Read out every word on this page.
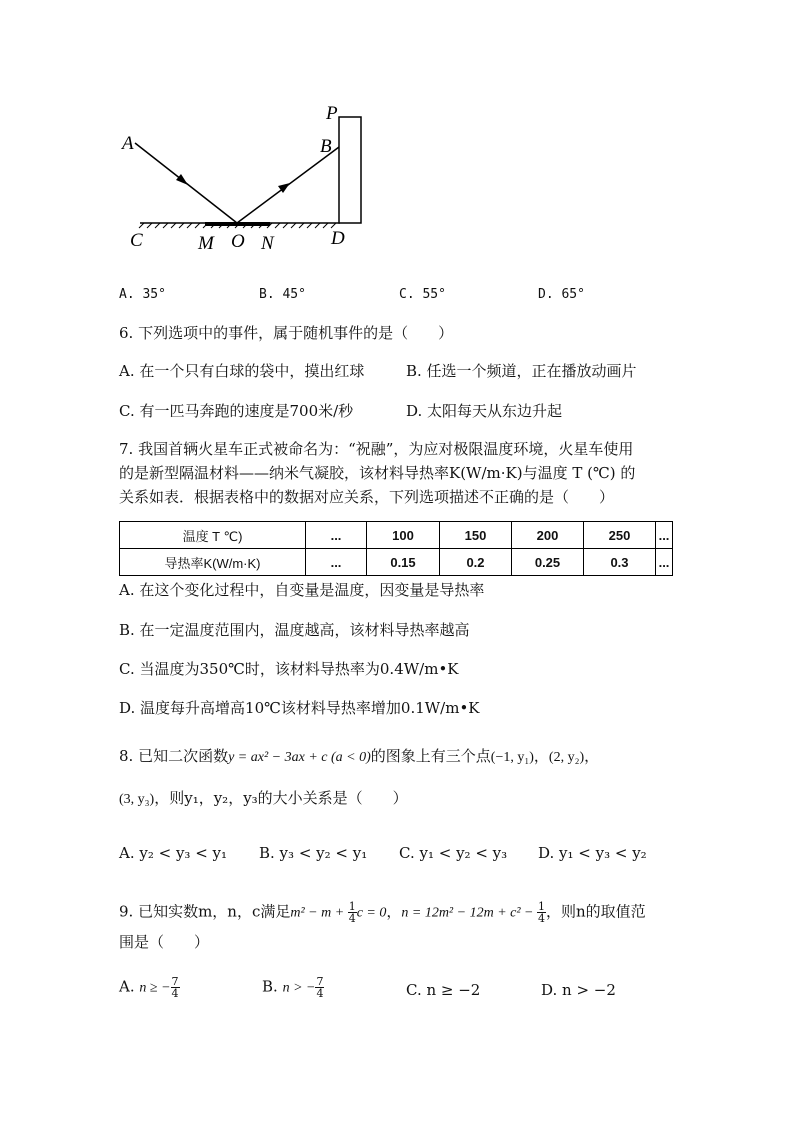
A	B
P
C	M O N	D
A. 35°	B. 45°	C. 55°	D. 65°
6. 下列选项中的事件，属于随机事件的是（　　）
A. 在一个只有白球的袋中，摸出红球	B. 任选一个频道，正在播放动画片
C. 有一匹马奔跑的速度是700米/秒	D. 太阳每天从东边升起
7. 我国首辆火星车正式被命名为：“祝融”，为应对极限温度环境，火星车使用
的是新型隔温材料——纳米气凝胶，该材料导热率K(W/m·K)与温度 T (℃) 的
关系如表．根据表格中的数据对应关系，下列选项描述不正确的是（　　）
温度 T ℃)	...	100	150	200	250	...
导热率K(W/m·K)	...	0.15	0.2	0.25	0.3	...
A. 在这个变化过程中，自变量是温度，因变量是导热率
B. 在一定温度范围内，温度越高，该材料导热率越高
C. 当温度为350℃时，该材料导热率为0.4W/m•K
D. 温度每升高增高10℃该材料导热率增加0.1W/m•K
8. 已知二次函数y = ax² − 3ax + c (a < 0)的图象上有三个点(−1, y₁)，(2, y₂)，
(3, y₃)，则y₁，y₂，y₃的大小关系是（　　）
A. y₂ < y₃ < y₁ B. y₃ < y₂ < y₁ C. y₁ < y₂ < y₃ D. y₁ < y₃ < y₂
9. 已知实数m，n，c满足$m^2 - m + \frac{1}{4}$ c = 0，$n = 12m^2 - 12m + c^2 - \frac{1}{4}$ ，则n的取值范
围是（　　）
A. n ≥ − $\frac{7}{4}$	B. n > − $\frac{7}{4}$	C. n ≥ −2	D. n > −2
